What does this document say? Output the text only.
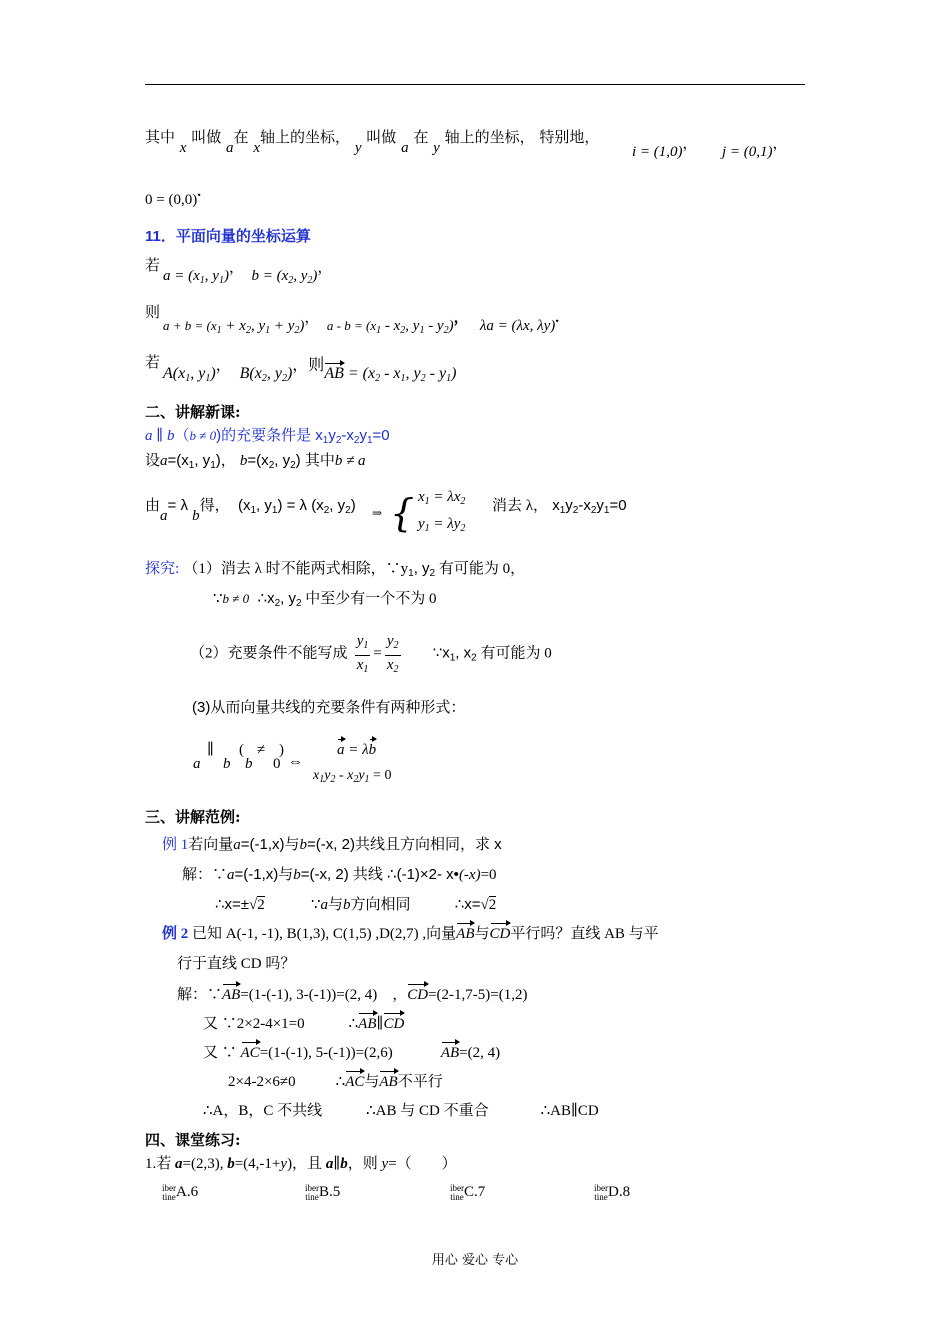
其中 x 叫做 a在 x轴上的坐标， y 叫做 a 在 y 轴上的坐标， 特别地，
i = (1,0)， j = (0,1)，
0 = (0,0).
11．平面向量的坐标运算
若
$a = (x_1$, $y_1$)， $b = (x_2$, $y_2$)，
则
$a + b = (x_1 + x_2$, $y_1 + y_2$)， $a - b = (x_1 - x_2$, $y_1 - y_2$)， λa = (λx, λy).
若
$A(x_1$, $y_1$)， $B(x_2$, $y_2$)，则AB = ($x_2 - x_1$, $y_2 - y_1$)
二、讲解新课:
a ∥ b（b ≠ 0)的充要条件是 $x_1y_2-x_2y_1=0$
设$a=(x_1$, $y_1$)， $b=(x_2$, $y_2$) 其中b ≠ a
由a= λ b得， ($x_1$, $y_1) = \lambda$ ($x_2$, $y_2$) ⇒ { $x_1 = \lambda x_2$
$y_1 = \lambda y_2$
消去 λ， $x_1y_2-x_2y_1=0$
探究: （1）消去 λ 时不能两式相除，$\because y_1$, $y_2$ 有可能为 0，
∵b ≠ 0 $\therefore x_2$, $y_2$ 中至少有一个不为 0
（2）充要条件不能写成 $\frac{y_1}{x_1} = \frac{y_2}{x_2}$ $\because x_1$, $x_2$ 有可能为 0
(3)从而向量共线的充要条件有两种形式：
a
∥
b
(
b
≠
0
)
⇔
a = λb
$x_1y_2 - x_2y_1 = 0$
三、讲解范例:
例 1若向量a=(-1,x)与b=(-x, 2)共线且方向相同，求 x
解：∵a=(-1,x)与b=(-x, 2) 共线 ∴(-1)×2- x•(-x)=0
∴x=±√2	∵a与b方向相同	∴x=√2
例 2 已知 A(-1, -1), B(1,3), C(1,5) ,D(2,7) ,向量AB与CD平行吗？直线 AB 与平
行于直线 CD 吗？
解：∵AB=(1-(-1), 3-(-1))=(2, 4) ，CD=(2-1,7-5)=(1,2)
又 ∵2×2-4×1=0	∴AB∥CD
又 ∵ AC=(1-(-1), 5-(-1))=(2,6)	AB=(2, 4)
2×4-2×6≠0	∴AC与AB不平行
∴A，B，C 不共线	∴AB 与 CD 不重合	∴AB∥CD
四、课堂练习:
1.若 a=(2,3), b=(4,-1+y)，且 a∥b，则 y=（　　）
iber
tine A.6	iber
tine B.5	iber
tine C.7	iber
tine D.8
用心 爱心 专心
